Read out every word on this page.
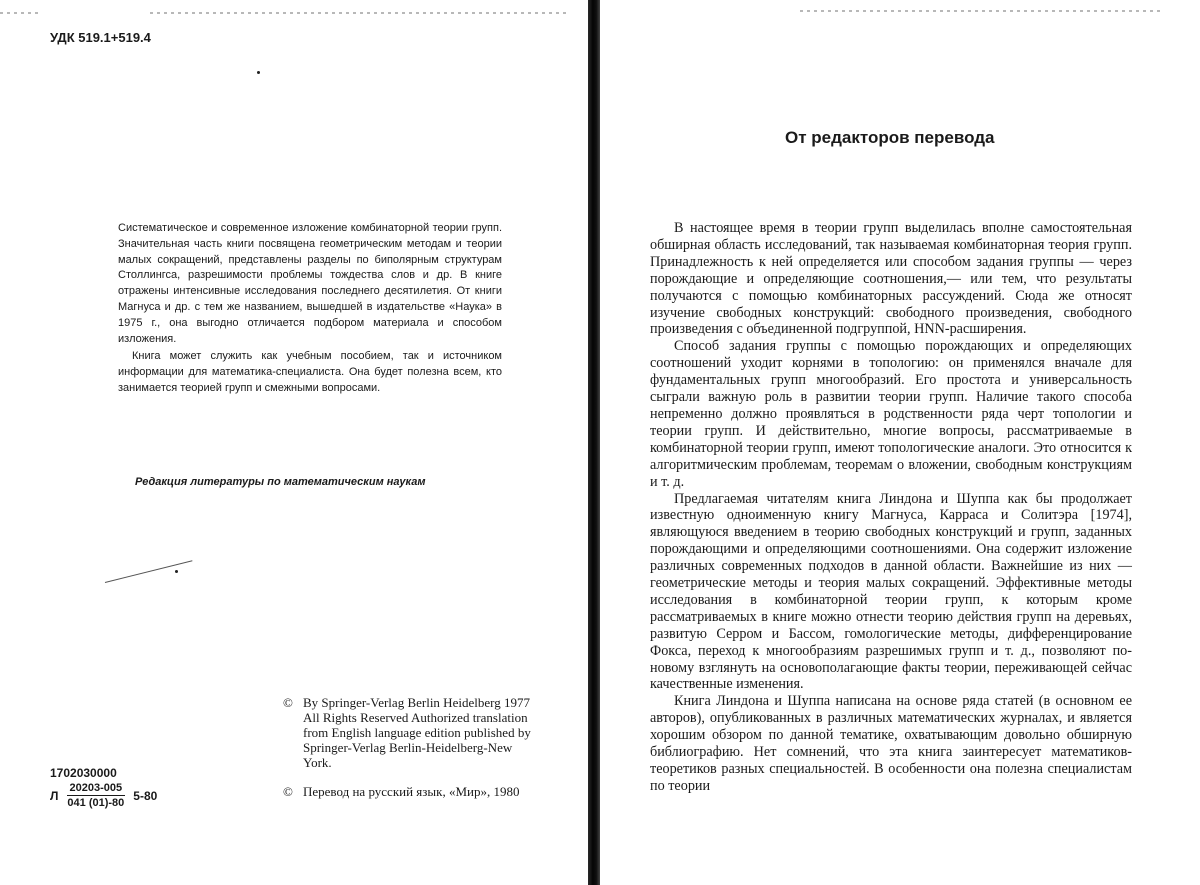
УДК 519.1+519.4

Систематическое и современное изложение комбинаторной теории групп. Значительная часть книги посвящена геометрическим методам и теории малых сокращений, представлены разделы по биполярным структурам Столлингса, разрешимости проблемы тождества слов и др. В книге отражены интенсивные исследования последнего десятилетия. От книги Магнуса и др. с тем же названием, вышедшей в издательстве «Наука» в 1975 г., она выгодно отличается подбором материала и способом изложения.

Книга может служить как учебным пособием, так и источником информации для математика-специалиста. Она будет полезна всем, кто занимается теорией групп и смежными вопросами.

Редакция литературы по математическим наукам
© By Springer-Verlag Berlin Heidelberg 1977 All Rights Reserved Authorized translation from English language edition published by Springer-Verlag Berlin-Heidelberg-New York.
© Перевод на русский язык, «Мир», 1980
1702030000
Л $\frac{20203-005}{041 (01)-80} 5-80$
От редакторов перевода

В настоящее время в теории групп выделилась вполне самостоятельная обширная область исследований, так называемая комбинаторная теория групп. Принадлежность к ней определяется или способом задания группы — через порождающие и определяющие соотношения,— или тем, что результаты получаются с помощью комбинаторных рассуждений. Сюда же относят изучение свободных конструкций: свободного произведения, свободного произведения с объединенной подгруппой, HNN-расширения.

Способ задания группы с помощью порождающих и определяющих соотношений уходит корнями в топологию: он применялся вначале для фундаментальных групп многообразий. Его простота и универсальность сыграли важную роль в развитии теории групп. Наличие такого способа непременно должно проявляться в родственности ряда черт топологии и теории групп. И действительно, многие вопросы, рассматриваемые в комбинаторной теории групп, имеют топологические аналоги. Это относится к алгоритмическим проблемам, теоремам о вложении, свободным конструкциям и т. д.

Предлагаемая читателям книга Линдона и Шуппа как бы продолжает известную одноименную книгу Магнуса, Карраса и Солитэра [1974], являющуюся введением в теорию свободных конструкций и групп, заданных порождающими и определяющими соотношениями. Она содержит изложение различных современных подходов в данной области. Важнейшие из них — геометрические методы и теория малых сокращений. Эффективные методы исследования в комбинаторной теории групп, к которым кроме рассматриваемых в книге можно отнести теорию действия групп на деревьях, развитую Серром и Бассом, гомологические методы, дифференцирование Фокса, переход к многообразиям разрешимых групп и т. д., позволяют по-новому взглянуть на основополагающие факты теории, переживающей сейчас качественные изменения.

Книга Линдона и Шуппа написана на основе ряда статей (в основном ее авторов), опубликованных в различных математических журналах, и является хорошим обзором по данной тематике, охватывающим довольно обширную библиографию. Нет сомнений, что эта книга заинтересует математиков-теоретиков разных специальностей. В особенности она полезна специалистам по теории
